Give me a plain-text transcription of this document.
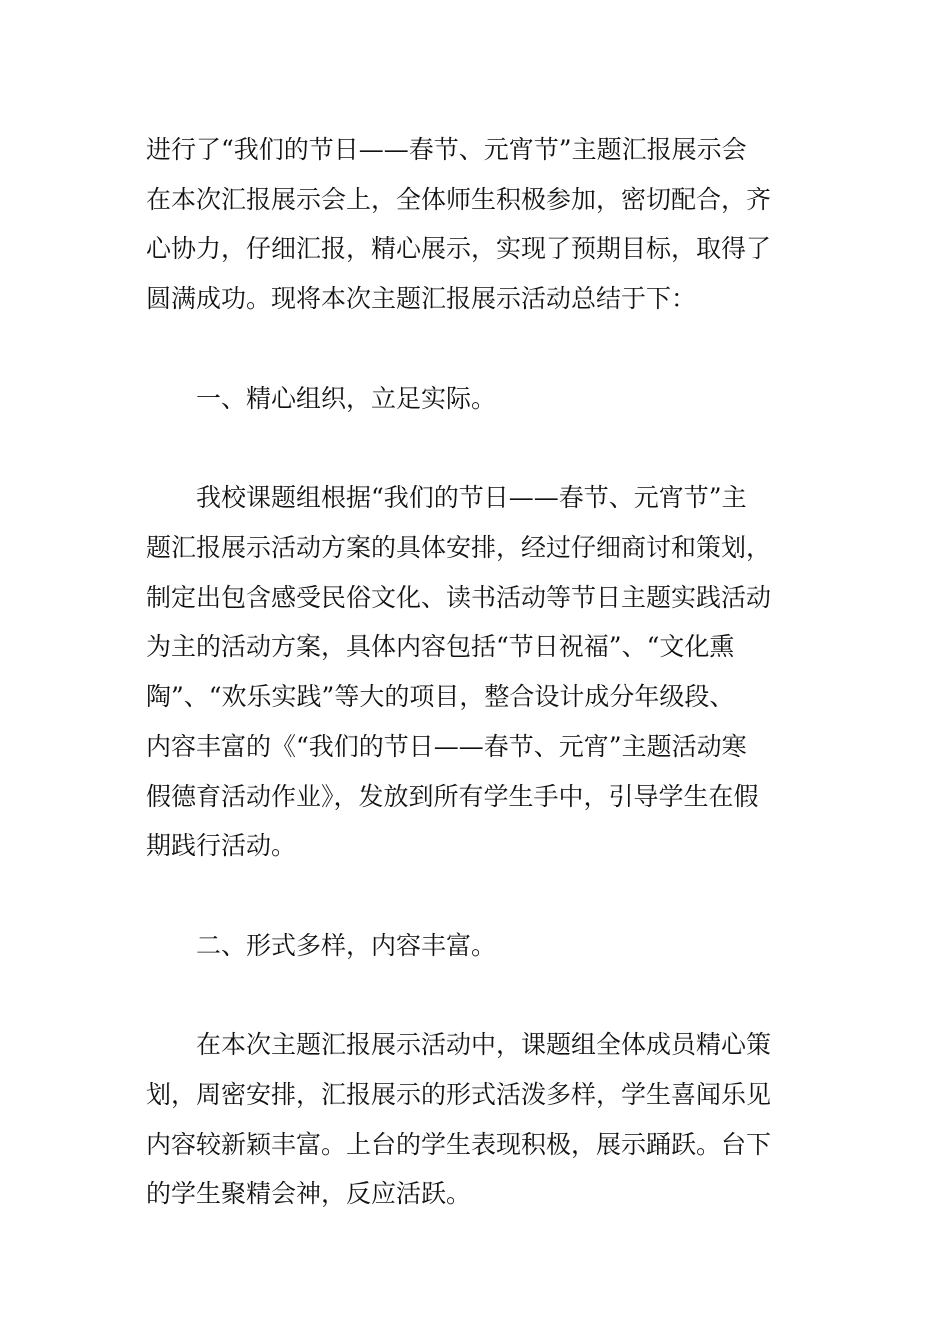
进行了“我们的节日——春节、元宵节”主题汇报展示会
在本次汇报展示会上，全体师生积极参加，密切配合，齐
心协力，仔细汇报，精心展示，实现了预期目标，取得了
圆满成功。现将本次主题汇报展示活动总结于下：
一、精心组织，立足实际。
我校课题组根据“我们的节日——春节、元宵节”主
题汇报展示活动方案的具体安排，经过仔细商讨和策划，
制定出包含感受民俗文化、读书活动等节日主题实践活动
为主的活动方案，具体内容包括“节日祝福”、“文化熏
陶”、“欢乐实践”等大的项目，整合设计成分年级段、
内容丰富的《“我们的节日——春节、元宵”主题活动寒
假德育活动作业》，发放到所有学生手中，引导学生在假
期践行活动。
二、形式多样，内容丰富。
在本次主题汇报展示活动中，课题组全体成员精心策
划，周密安排，汇报展示的形式活泼多样，学生喜闻乐见
内容较新颖丰富。上台的学生表现积极，展示踊跃。台下
的学生聚精会神，反应活跃。
